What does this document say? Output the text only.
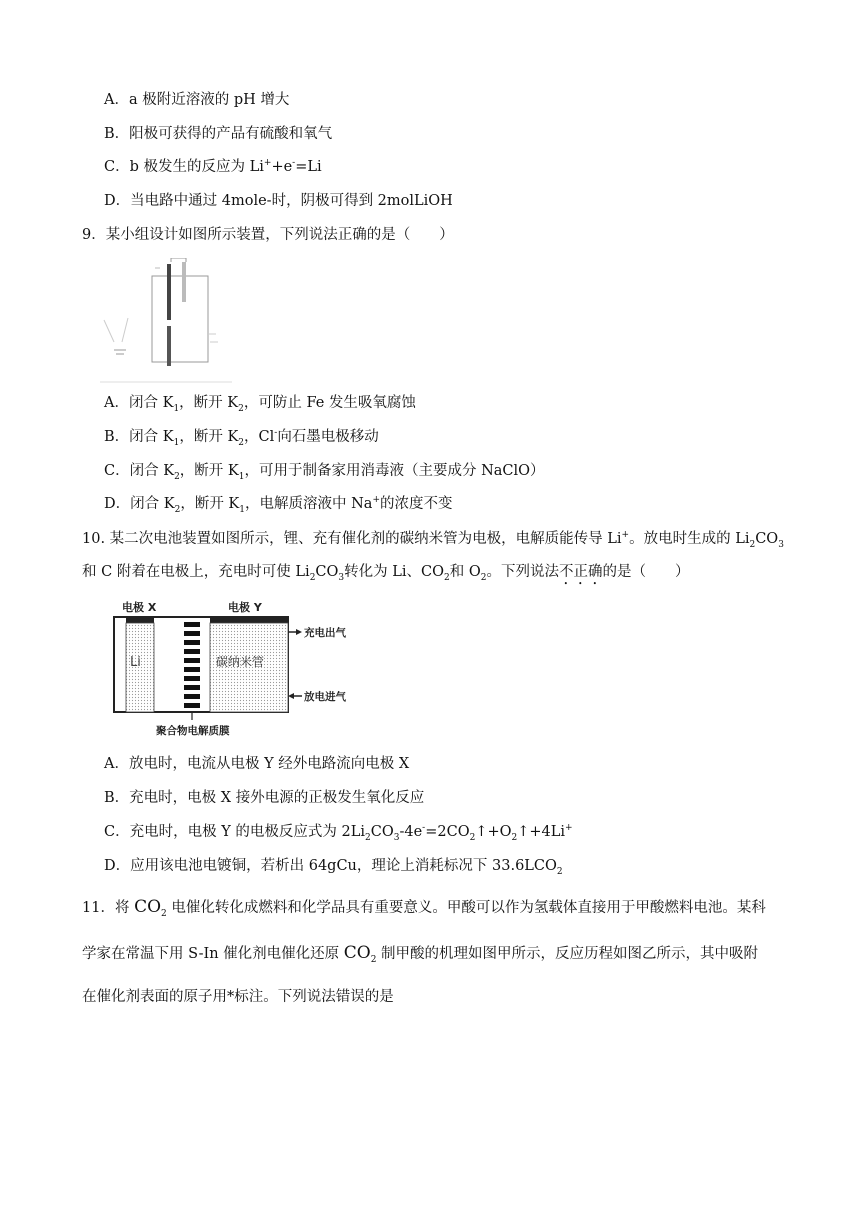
A．a 极附近溶液的 pH 增大
B．阳极可获得的产品有硫酸和氧气
C．b 极发生的反应为 Li++e-=Li
D．当电路中通过 4mole-时，阴极可得到 2molLiOH
9．某小组设计如图所示装置，下列说法正确的是（　　）
A．闭合 $K_1$，断开 $K_2$，可防止 Fe 发生吸氧腐蚀
B．闭合 $K_1$，断开 $K_2$，Cl-向石墨电极移动
C．闭合 $K_2$，断开 $K_1$，可用于制备家用消毒液（主要成分 NaClO）
D．闭合 $K_2$，断开 $K_1$，电解质溶液中 Na+的浓度不变
10. 某二次电池装置如图所示，锂、充有催化剂的碳纳米管为电极，电解质能传导 Li+。放电时生成的 $Li_2CO_3$
和 C 附着在电极上，充电时可使 $Li_2CO_3$转化为 Li、$CO_2$和 $O_2$。下列说法不正确的是（　　）
电极 X	电极 Y
Li	碳纳米管
充电出气
放电进气
聚合物电解质膜
A．放电时，电流从电极 Y 经外电路流向电极 X
B．充电时，电极 X 接外电源的正极发生氧化反应
C．充电时，电极 Y 的电极反应式为 $2Li_2CO_3-4e^-=2CO_2↑+O_2↑+4Li^+$
D．应用该电池电镀铜，若析出 64gCu，理论上消耗标况下 $33.6LCO_2$
11．将 $CO_2$ 电催化转化成燃料和化学品具有重要意义。甲酸可以作为氢载体直接用于甲酸燃料电池。某科
学家在常温下用 S-In 催化剂电催化还原 $CO_2$ 制甲酸的机理如图甲所示，反应历程如图乙所示，其中吸附
在催化剂表面的原子用*标注。下列说法错误的是
